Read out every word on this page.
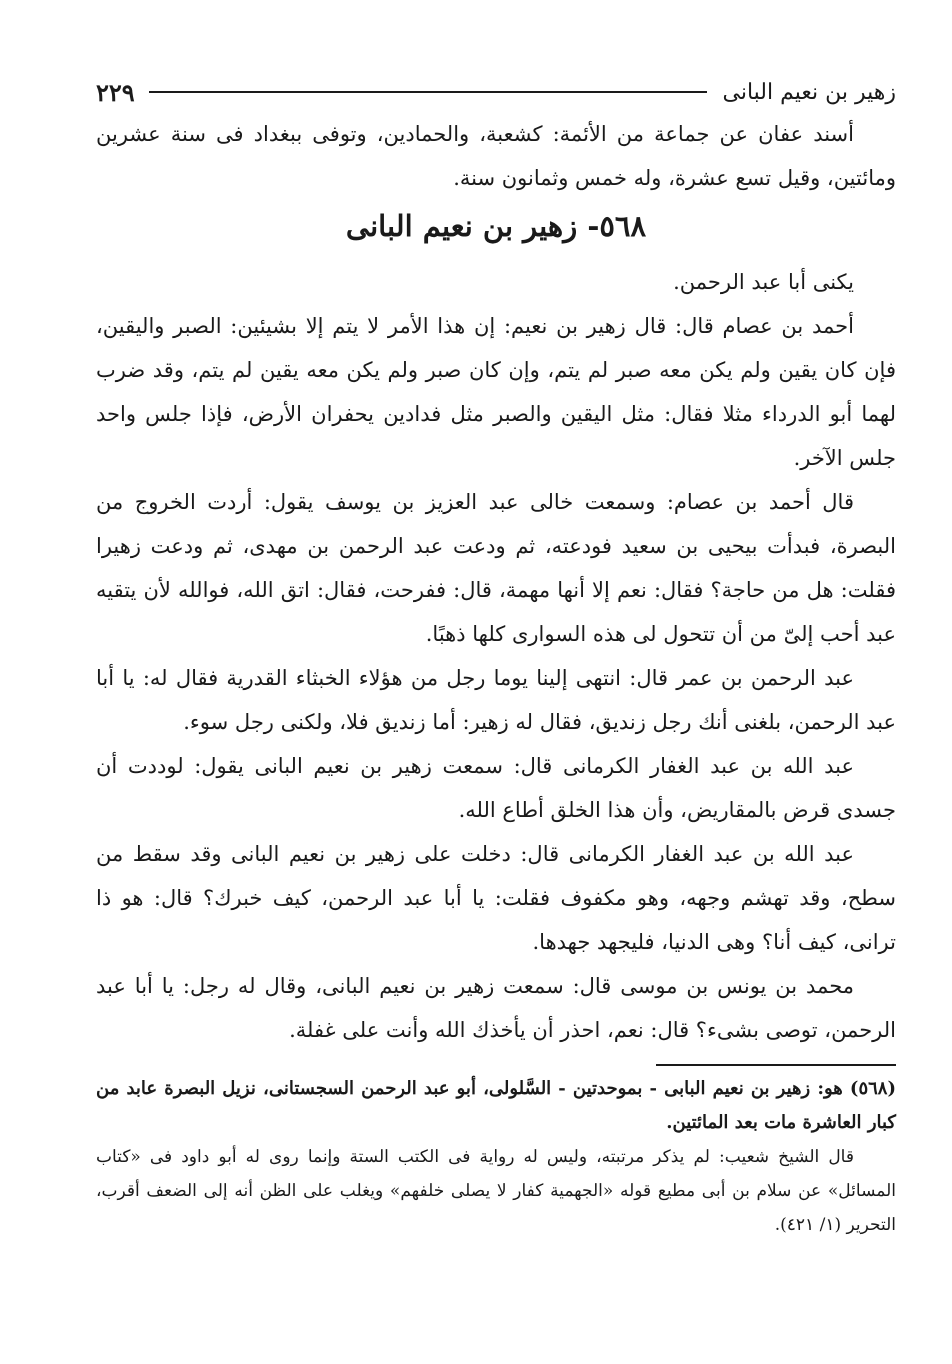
زهير بن نعيم البانى
٢٢٩

أسند عفان عن جماعة من الأئمة: كشعبة، والحمادين، وتوفى ببغداد فى سنة عشرين ومائتين، وقيل تسع عشرة، وله خمس وثمانون سنة.

٥٦٨- زهير بن نعيم البانى

يكنى أبا عبد الرحمن.

أحمد بن عصام قال: قال زهير بن نعيم: إن هذا الأمر لا يتم إلا بشيئين: الصبر واليقين، فإن كان يقين ولم يكن معه صبر لم يتم، وإن كان صبر ولم يكن معه يقين لم يتم، وقد ضرب لهما أبو الدرداء مثلا فقال: مثل اليقين والصبر مثل فدادين يحفران الأرض، فإذا جلس واحد جلس الآخر.

قال أحمد بن عصام: وسمعت خالى عبد العزيز بن يوسف يقول: أردت الخروج من البصرة، فبدأت بيحيى بن سعيد فودعته، ثم ودعت عبد الرحمن بن مهدى، ثم ودعت زهيرا فقلت: هل من حاجة؟ فقال: نعم إلا أنها مهمة، قال: ففرحت، فقال: اتق الله، فوالله لأن يتقيه عبد أحب إلىّ من أن تتحول لى هذه السوارى كلها ذهبًا.

عبد الرحمن بن عمر قال: انتهى إلينا يوما رجل من هؤلاء الخبثاء القدرية فقال له: يا أبا عبد الرحمن، بلغنى أنك رجل زنديق، فقال له زهير: أما زنديق فلا، ولكنى رجل سوء.

عبد الله بن عبد الغفار الكرمانى قال: سمعت زهير بن نعيم البانى يقول: لوددت أن جسدى قرض بالمقاريض، وأن هذا الخلق أطاع الله.

عبد الله بن عبد الغفار الكرمانى قال: دخلت على زهير بن نعيم البانى وقد سقط من سطح، وقد تهشم وجهه، وهو مكفوف فقلت: يا أبا عبد الرحمن، كيف خبرك؟ قال: هو ذا ترانى، كيف أنا؟ وهى الدنيا، فليجهد جهدها.

محمد بن يونس بن موسى قال: سمعت زهير بن نعيم البانى، وقال له رجل: يا أبا عبد الرحمن، توصى بشىء؟ قال: نعم، احذر أن يأخذك الله وأنت على غفلة.

(٥٦٨) هو: زهير بن نعيم البابى - بموحدتين - السَّلولى، أبو عبد الرحمن السجستانى، نزيل البصرة عابد من كبار العاشرة مات بعد المائتين.

قال الشيخ شعيب: لم يذكر مرتبته، وليس له رواية فى الكتب الستة وإنما روى له أبو داود فى «كتاب المسائل» عن سلام بن أبى مطيع قوله «الجهمية كفار لا يصلى خلفهم» ويغلب على الظن أنه إلى الضعف أقرب، التحرير (١/ ٤٢١).
